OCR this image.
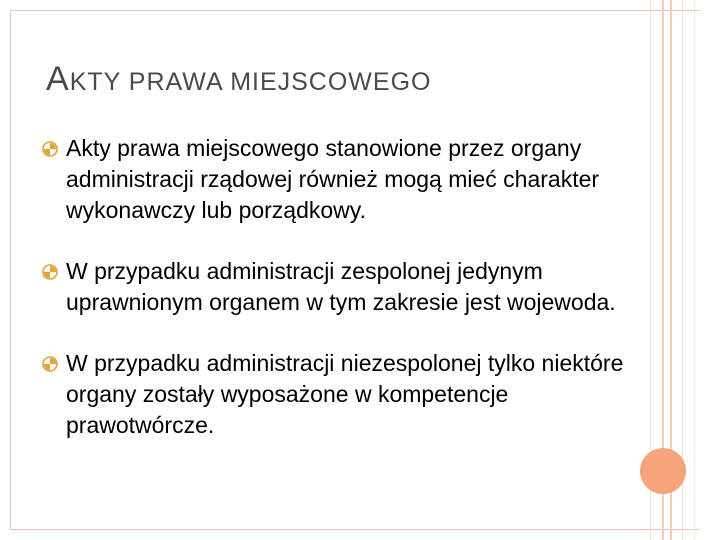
AKTY PRAWA MIEJSCOWEGO
Akty prawa miejscowego stanowione przez organy administracji rządowej również mogą mieć charakter wykonawczy lub porządkowy.
W przypadku administracji zespolonej jedynym uprawnionym organem w tym zakresie jest wojewoda.
W przypadku administracji niezespolonej tylko niektóre organy zostały wyposażone w kompetencje prawotwórcze.
